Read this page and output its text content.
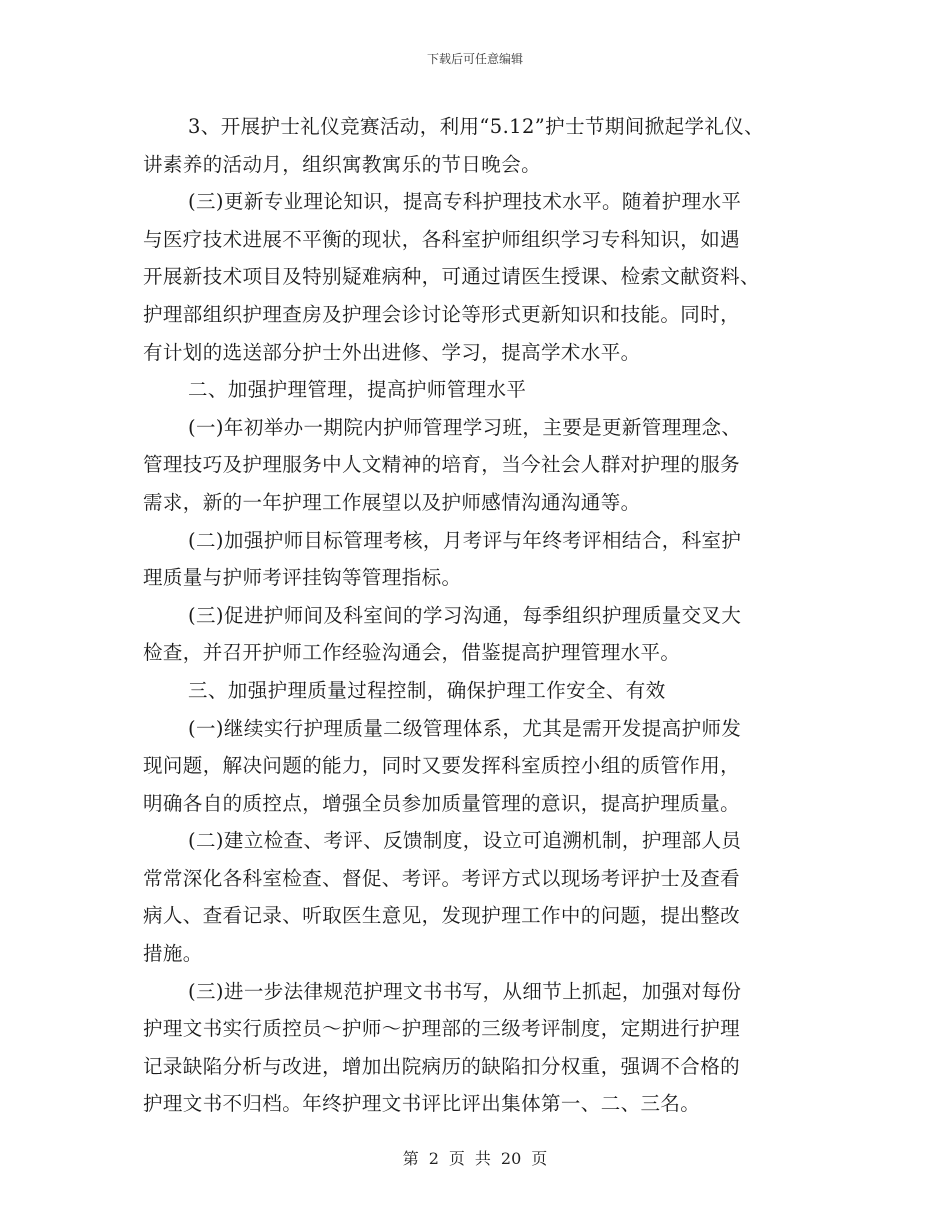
下载后可任意编辑
3、开展护士礼仪竞赛活动，利用“5.12”护士节期间掀起学礼仪、
讲素养的活动月，组织寓教寓乐的节日晚会。
(三)更新专业理论知识，提高专科护理技术水平。随着护理水平
与医疗技术进展不平衡的现状，各科室护师组织学习专科知识，如遇
开展新技术项目及特别疑难病种，可通过请医生授课、检索文献资料、
护理部组织护理查房及护理会诊讨论等形式更新知识和技能。同时，
有计划的选送部分护士外出进修、学习，提高学术水平。
二、加强护理管理，提高护师管理水平
(一)年初举办一期院内护师管理学习班，主要是更新管理理念、
管理技巧及护理服务中人文精神的培育，当今社会人群对护理的服务
需求，新的一年护理工作展望以及护师感情沟通沟通等。
(二)加强护师目标管理考核，月考评与年终考评相结合，科室护
理质量与护师考评挂钩等管理指标。
(三)促进护师间及科室间的学习沟通，每季组织护理质量交叉大
检查，并召开护师工作经验沟通会，借鉴提高护理管理水平。
三、加强护理质量过程控制，确保护理工作安全、有效
(一)继续实行护理质量二级管理体系，尤其是需开发提高护师发
现问题，解决问题的能力，同时又要发挥科室质控小组的质管作用，
明确各自的质控点，增强全员参加质量管理的意识，提高护理质量。
(二)建立检查、考评、反馈制度，设立可追溯机制，护理部人员
常常深化各科室检查、督促、考评。考评方式以现场考评护士及查看
病人、查看记录、听取医生意见，发现护理工作中的问题，提出整改
措施。
(三)进一步法律规范护理文书书写，从细节上抓起，加强对每份
护理文书实行质控员～护师～护理部的三级考评制度，定期进行护理
记录缺陷分析与改进，增加出院病历的缺陷扣分权重，强调不合格的
护理文书不归档。年终护理文书评比评出集体第一、二、三名。
第 2 页 共 20 页
